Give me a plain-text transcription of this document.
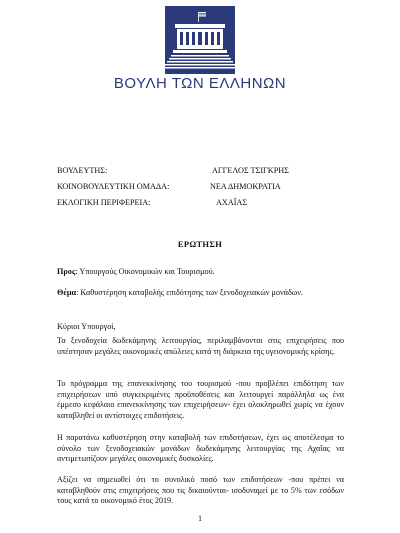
ΒΟΥΛΗ ΤΩΝ ΕΛΛΗΝΩΝ
ΒΟΥΛΕΥΤΗΣ:	ΑΓΓΕΛΟΣ ΤΣΙΓΚΡΗΣ
ΚΟΙΝΟΒΟΥΛΕΥΤΙΚΗ ΟΜΑΔΑ:	ΝΕΑ ΔΗΜΟΚΡΑΤΙΑ
ΕΚΛΟΓΙΚΗ ΠΕΡΙΦΕΡΕΙΑ:	ΑΧΑΪΑΣ
ΕΡΩΤΗΣΗ
Προς: Υπουργούς Οικονομικών και Τουρισμού.
Θέμα: Καθυστέρηση καταβολής επιδότησης των ξενοδοχειακών μονάδων.
Κύριοι Υπουργοί,
Τα ξενοδοχεία δωδεκάμηνης λειτουργίας, περιλαμβάνονται στις επιχειρήσεις που υπέστησαν μεγάλες οικονομικές απώλειες κατά τη διάρκεια της υγειονομικής κρίσης.
Το πρόγραμμα της επανεκκίνησης του τουρισμού -που προβλέπει επιδότηση των επιχειρήσεων υπό συγκεκριμένες προϋποθέσεις και λειτουργεί παράλληλα ως ένα έμμεσο κεφάλαιο επανεκκίνησης των επιχειρήσεων- έχει ολοκληρωθεί χωρίς να έχουν καταβληθεί οι αντίστοιχες επιδοτήσεις.
Η παρατάνω καθυστέρηση στην καταβολή των επιδοτήσεων, έχει ως αποτέλεσμα το σύνολο των ξενοδοχειακών μονάδων δωδεκάμηνης λειτουργίας της Αχαΐας να αντιμετωπίζουν μεγάλες οικονομικές δυσκολίες.
Αξίζει να σημειωθεί ότι το συνολικό ποσό των επιδοτήσεων -που πρέπει να καταβληθούν στις επιχειρήσεις που τις δικαιούνται- ισοδυναμεί με το 5% των εσόδων τους κατά το οικονομικό έτος 2019.
1
